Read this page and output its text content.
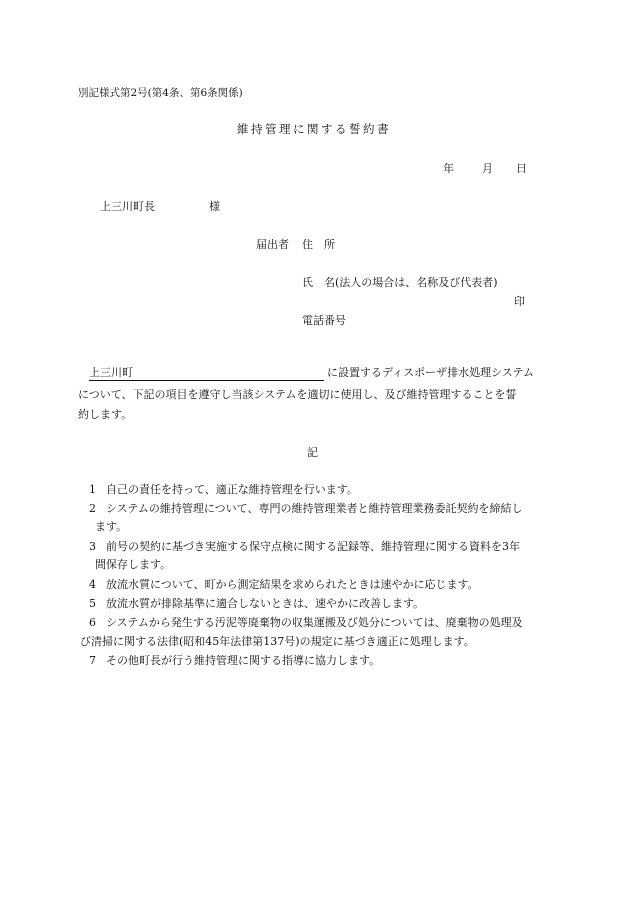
別記様式第2号(第4条、第6条関係)
維持管理に関する誓約書
年	月 日
上三川町長	様
届出者 住　所
氏　名(法人の場合は、名称及び代表者)
印
電話番号
上三川町	に設置するディスポーザ排水処理システム
について、下記の項目を遵守し当該システムを適切に使用し、及び維持管理することを誓
約します。
記
1 自己の責任を持って、適正な維持管理を行います。
2 システムの維持管理について、専門の維持管理業者と維持管理業務委託契約を締結し
ます。
3 前号の契約に基づき実施する保守点検に関する記録等、維持管理に関する資料を3年
間保存します。
4 放流水質について、町から測定結果を求められたときは速やかに応じます。
5 放流水質が排除基準に適合しないときは、速やかに改善します。
6 システムから発生する汚泥等廃棄物の収集運搬及び処分については、廃棄物の処理及
び清掃に関する法律(昭和45年法律第137号)の規定に基づき適正に処理します。
7 その他町長が行う維持管理に関する指導に協力します。
